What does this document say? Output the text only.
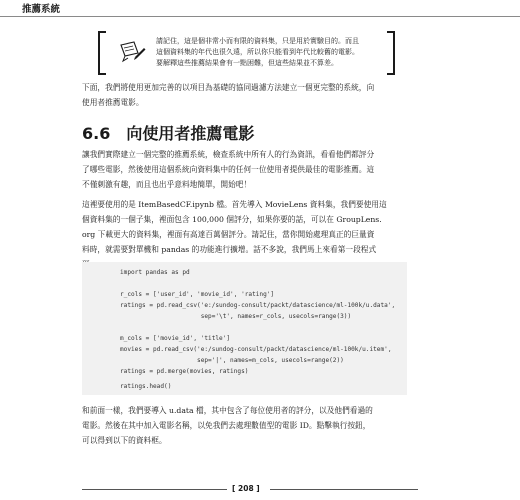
推薦系統
請記住，這是個非常小而有限的資料集，只是用於實驗目的。而且
這個資料集的年代也很久遠，所以你只能看到年代比較舊的電影。
要解釋這些推薦結果會有一點困難，但這些結果並不算差。
下面，我們將使用更加完善的以項目為基礎的協同過濾方法建立一個更完整的系統，向
使用者推薦電影。
6.6　向使用者推薦電影
讓我們實際建立一個完整的推薦系統，檢查系統中所有人的行為資訊，看看他們都評分
了哪些電影，然後使用這個系統向資料集中的任何一位使用者提供最佳的電影推薦。這
不僅刺激有趣，而且也出乎意料地簡單，開始吧！
這裡要使用的是 ItemBasedCF.ipynb 檔。首先導入 MovieLens 資料集，我們要使用這
個資料集的一個子集，裡面包含 100,000 個評分，如果你要的話，可以在 GroupLens.
org 下載更大的資料集，裡面有高達百萬個評分。請記住，當你開始處理真正的巨量資
料時，就需要對單機和 pandas 的功能進行擴增。話不多說，我們馬上來看第一段程式
import pandas as pd
r_cols = ['user_id', 'movie_id', 'rating']
ratings = pd.read_csv('e:/sundog-consult/packt/datascience/ml-100k/u.data',
sep='\t', names=r_cols, usecols=range(3))
m_cols = ['movie_id', 'title']
movies = pd.read_csv('e:/sundog-consult/packt/datascience/ml-100k/u.item',
sep='|', names=m_cols, usecols=range(2))
ratings = pd.merge(movies, ratings)
ratings.head()
和前面一樣，我們要導入 u.data 檔，其中包含了每位使用者的評分，以及他們看過的
電影。然後在其中加入電影名稱，以免我們去處理數值型的電影 ID。點擊執行按鈕，
可以得到以下的資料框。
[ 208 ]
